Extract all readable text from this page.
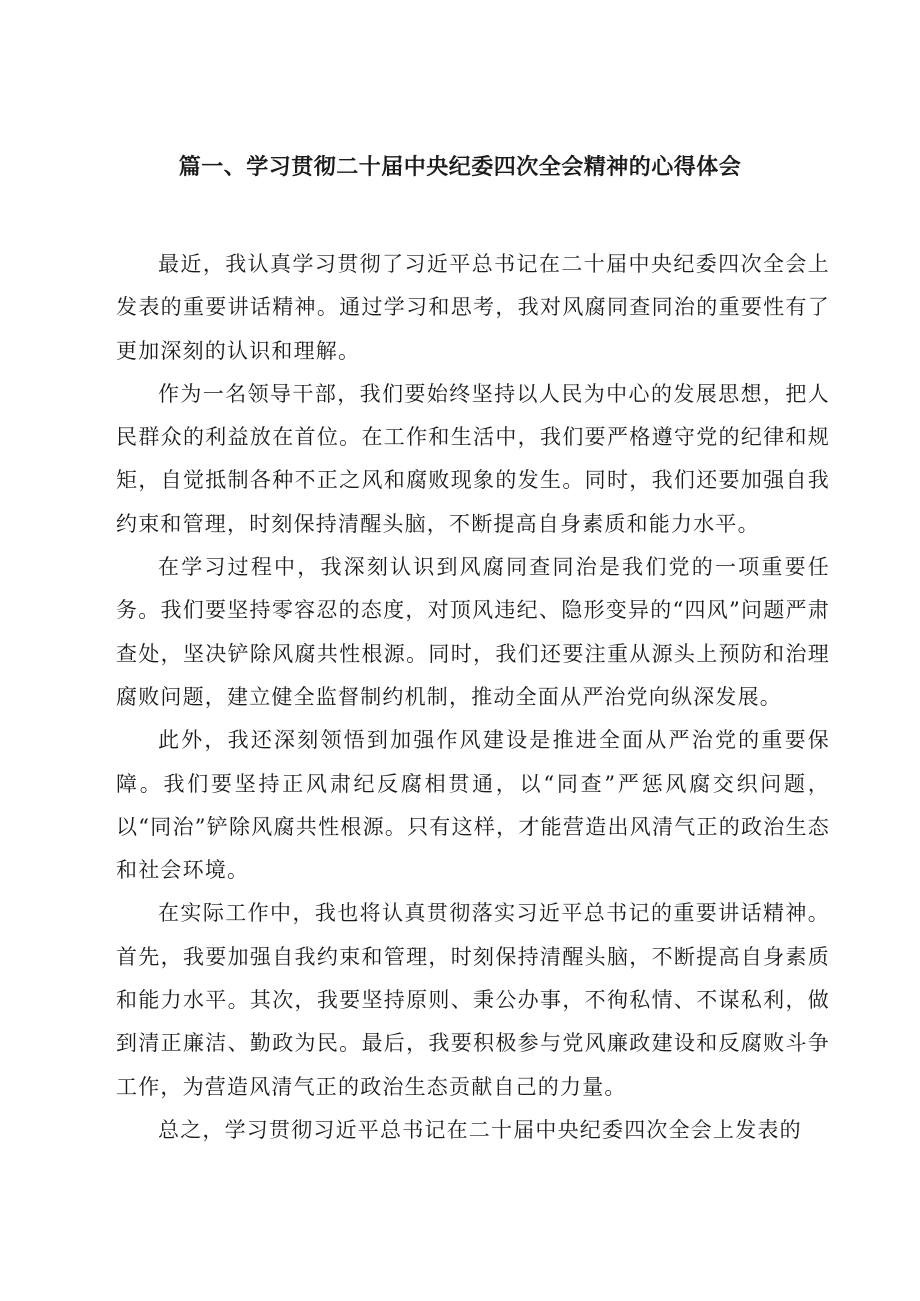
篇一、学习贯彻二十届中央纪委四次全会精神的心得体会

最近，我认真学习贯彻了习近平总书记在二十届中央纪委四次全会上发表的重要讲话精神。通过学习和思考，我对风腐同查同治的重要性有了更加深刻的认识和理解。

作为一名领导干部，我们要始终坚持以人民为中心的发展思想，把人民群众的利益放在首位。在工作和生活中，我们要严格遵守党的纪律和规矩，自觉抵制各种不正之风和腐败现象的发生。同时，我们还要加强自我约束和管理，时刻保持清醒头脑，不断提高自身素质和能力水平。

在学习过程中，我深刻认识到风腐同查同治是我们党的一项重要任务。我们要坚持零容忍的态度，对顶风违纪、隐形变异的“四风”问题严肃查处，坚决铲除风腐共性根源。同时，我们还要注重从源头上预防和治理腐败问题，建立健全监督制约机制，推动全面从严治党向纵深发展。

此外，我还深刻领悟到加强作风建设是推进全面从严治党的重要保障。我们要坚持正风肃纪反腐相贯通，以“同查”严惩风腐交织问题，以“同治”铲除风腐共性根源。只有这样，才能营造出风清气正的政治生态和社会环境。

在实际工作中，我也将认真贯彻落实习近平总书记的重要讲话精神。首先，我要加强自我约束和管理，时刻保持清醒头脑，不断提高自身素质和能力水平。其次，我要坚持原则、秉公办事，不徇私情、不谋私利，做到清正廉洁、勤政为民。最后，我要积极参与党风廉政建设和反腐败斗争工作，为营造风清气正的政治生态贡献自己的力量。

总之，学习贯彻习近平总书记在二十届中央纪委四次全会上发表的
